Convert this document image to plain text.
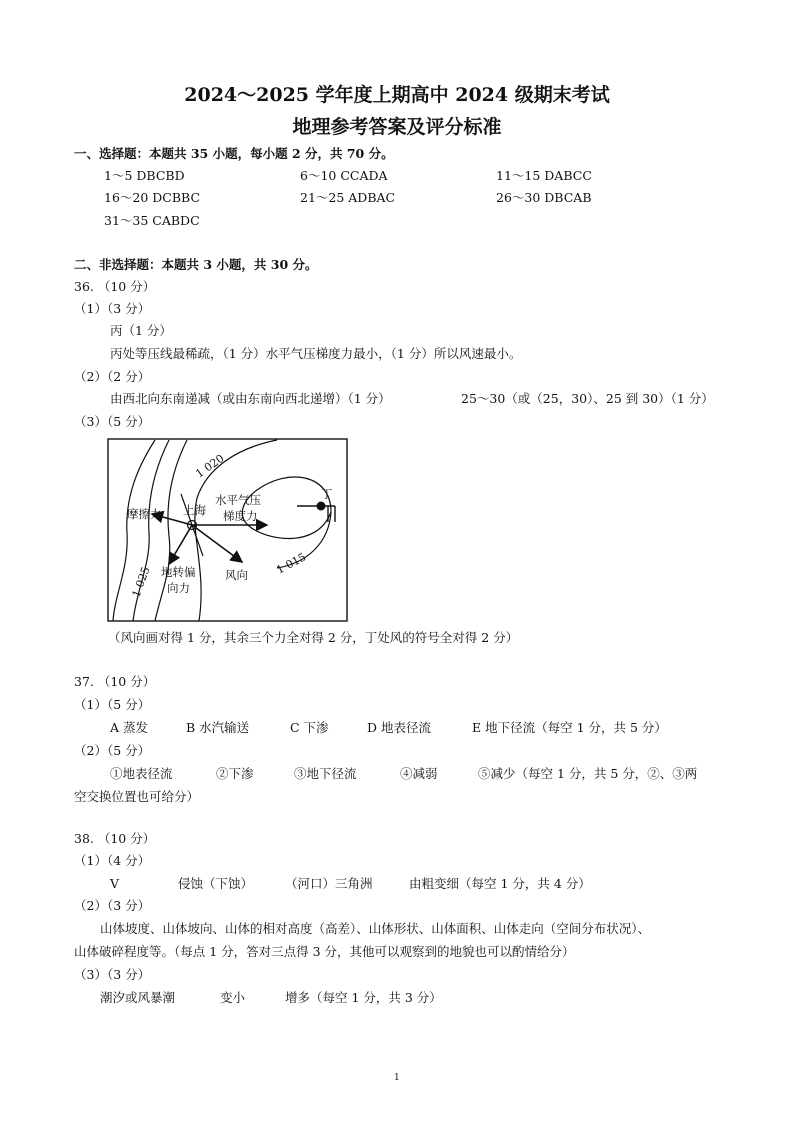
2024～2025 学年度上期高中 2024 级期末考试
地理参考答案及评分标准
一、选择题：本题共 35 小题，每小题 2 分，共 70 分。
1～5 DBCBD	6～10 CCADA	11～15 DABCC
16～20 DCBBC	21～25 ADBAC	26～30 DBCAB
31～35 CABDC
二、非选择题：本题共 3 小题，共 30 分。
36. （10 分）
（1）（3 分）
丙（1 分）
丙处等压线最稀疏，（1 分）水平气压梯度力最小，（1 分）所以风速最小。
（2）（2 分）
由西北向东南递减（或由东南向西北递增）（1 分）	25～30（或（25，30）、25 到 30）（1 分）
（3）（5 分）
1 020
1 015
1 025
摩擦力 上海
水平气压
梯度力
地转偏
向力
风向
丁
（风向画对得 1 分，其余三个力全对得 2 分，丁处风的符号全对得 2 分）
37. （10 分）
（1）（5 分）
A 蒸发	B 水汽输送	C 下渗	D 地表径流	E 地下径流（每空 1 分，共 5 分）
（2）（5 分）
①地表径流	②下渗	③地下径流	④减弱	⑤减少（每空 1 分，共 5 分，②、③两
空交换位置也可给分）
38. （10 分）
（1）（4 分）
V	侵蚀（下蚀）	（河口）三角洲	由粗变细（每空 1 分，共 4 分）
（2）（3 分）
山体坡度、山体坡向、山体的相对高度（高差）、山体形状、山体面积、山体走向（空间分布状况）、
山体破碎程度等。（每点 1 分，答对三点得 3 分，其他可以观察到的地貌也可以酌情给分）
（3）（3 分）
潮汐或风暴潮	变小	增多（每空 1 分，共 3 分）
1
